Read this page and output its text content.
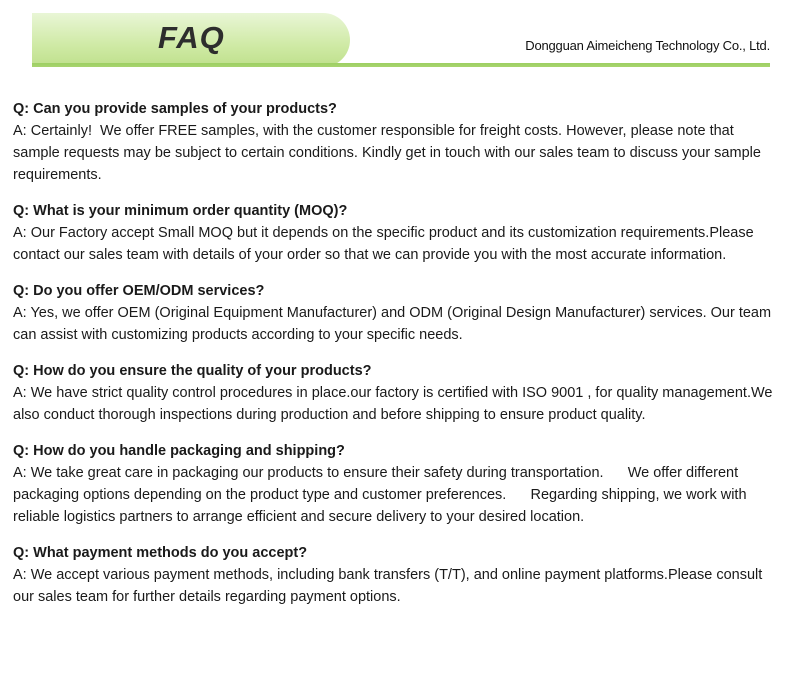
FAQ	Dongguan Aimeicheng Technology Co., Ltd.
Q: Can you provide samples of your products?
A: Certainly!  We offer FREE samples, with the customer responsible for freight costs. However, please note that sample requests may be subject to certain conditions. Kindly get in touch with our sales team to discuss your sample requirements.
Q: What is your minimum order quantity (MOQ)?
A: Our Factory accept Small MOQ but it depends on the specific product and its customization requirements.Please contact our sales team with details of your order so that we can provide you with the most accurate information.
Q: Do you offer OEM/ODM services?
A: Yes, we offer OEM (Original Equipment Manufacturer) and ODM (Original Design Manufacturer) services. Our team can assist with customizing products according to your specific needs.
Q: How do you ensure the quality of your products?
A: We have strict quality control procedures in place.our factory is certified with ISO 9001 , for quality management.We also conduct thorough inspections during production and before shipping to ensure product quality.
Q: How do you handle packaging and shipping?
A: We take great care in packaging our products to ensure their safety during transportation.      We offer different packaging options depending on the product type and customer preferences.      Regarding shipping, we work with reliable logistics partners to arrange efficient and secure delivery to your desired location.
Q: What payment methods do you accept?
A: We accept various payment methods, including bank transfers (T/T), and online payment platforms.Please consult our sales team for further details regarding payment options.
